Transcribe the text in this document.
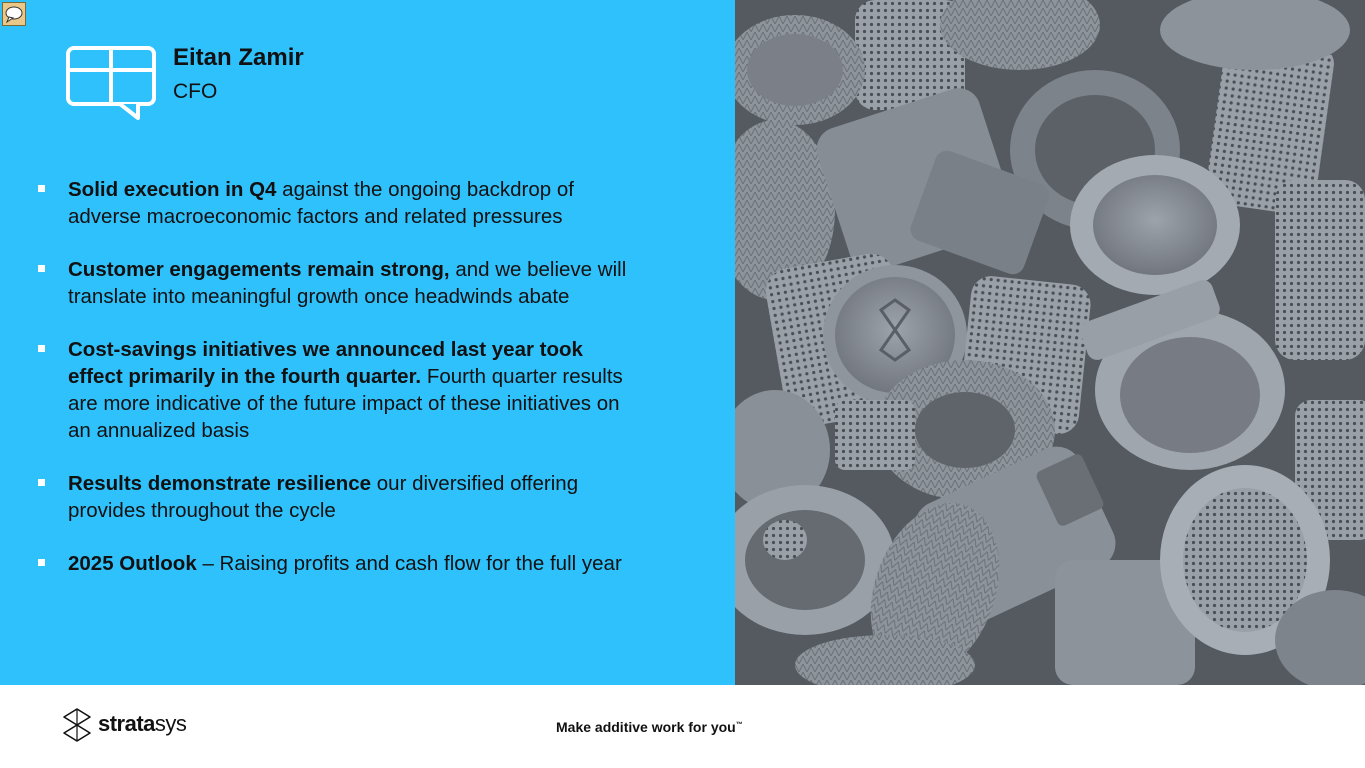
Eitan Zamir
CFO
Solid execution in Q4 against the ongoing backdrop of adverse macroeconomic factors and related pressures
Customer engagements remain strong, and we believe will translate into meaningful growth once headwinds abate
Cost-savings initiatives we announced last year took effect primarily in the fourth quarter. Fourth quarter results are more indicative of the future impact of these initiatives on an annualized basis
Results demonstrate resilience our diversified offering provides throughout the cycle
2025 Outlook – Raising profits and cash flow for the full year
stratasys	Make additive work for you™
